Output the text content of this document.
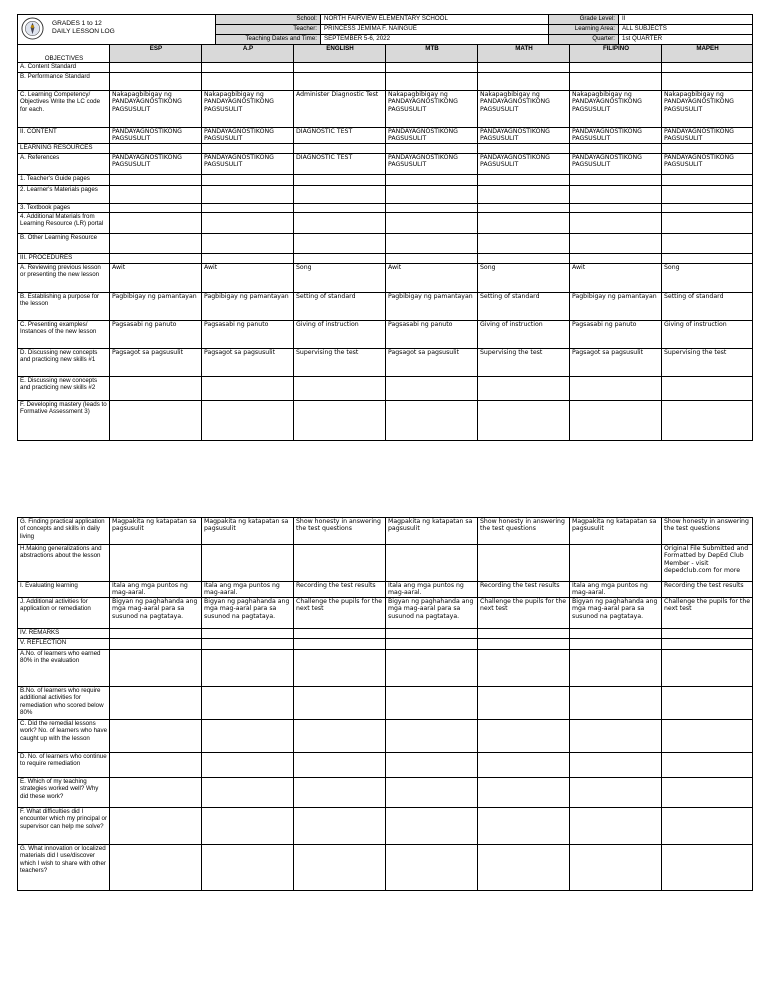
GRADES 1 to 12
DAILY LESSON LOG	School:	NORTH FAIRVIEW ELEMENTARY SCHOOL	Grade Level:	II
	Teacher:	PRINCESS JEMIMA F. NAINGUE	Learning Area:	ALL SUBJECTS
	Teaching Dates and Time:	SEPTEMBER 5-6, 2022	Quarter:	1st QUARTER
OBJECTIVES	ESP	A.P	ENGLISH	MTB	MATH	FILIPINO	MAPEH
A. Content Standard							
B. Performance Standard							
C. Learning Competency/ Objectives Write the LC code for each.	Nakapagbibigay ng PANDAYAGNOSTIKONG PAGSUSULIT	Nakapagbibigay ng PANDAYAGNOSTIKONG PAGSUSULIT	Administer Diagnostic Test	Nakapagbibigay ng PANDAYAGNOSTIKONG PAGSUSULIT	Nakapagbibigay ng PANDAYAGNOSTIKONG PAGSUSULIT	Nakapagbibigay ng PANDAYAGNOSTIKONG PAGSUSULIT	Nakapagbibigay ng PANDAYAGNOSTIKONG PAGSUSULIT
II. CONTENT	PANDAYAGNOSTIKONG PAGSUSULIT	PANDAYAGNOSTIKONG PAGSUSULIT	DIAGNOSTIC TEST	PANDAYAGNOSTIKONG PAGSUSULIT	PANDAYAGNOSTIKONG PAGSUSULIT	PANDAYAGNOSTIKONG PAGSUSULIT	PANDAYAGNOSTIKONG PAGSUSULIT
LEARNING RESOURCES							
A. References	PANDAYAGNOSTIKONG PAGSUSULIT	PANDAYAGNOSTIKONG PAGSUSULIT	DIAGNOSTIC TEST	PANDAYAGNOSTIKONG PAGSUSULIT	PANDAYAGNOSTIKONG PAGSUSULIT	PANDAYAGNOSTIKONG PAGSUSULIT	PANDAYAGNOSTIKONG PAGSUSULIT
1. Teacher's Guide pages							
2. Learner's Materials pages							
3. Textbook pages							
4. Additional Materials from Learning Resource (LR) portal							
B. Other Learning Resource							
III. PROCEDURES							
A. Reviewing previous lesson or presenting the new lesson	Awit	Awit	Song	Awit	Song	Awit	Song
B. Establishing a purpose for the lesson	Pagbibigay ng pamantayan	Pagbibigay ng pamantayan	Setting of standard	Pagbibigay ng pamantayan	Setting of standard	Pagbibigay ng pamantayan	Setting of standard
C. Presenting examples/ Instances of the new lesson	Pagsasabi ng panuto	Pagsasabi ng panuto	Giving of instruction	Pagsasabi ng panuto	Giving of instruction	Pagsasabi ng panuto	Giving of instruction
D. Discussing new concepts and practicing new skills #1	Pagsagot sa pagsusulit	Pagsagot sa pagsusulit	Supervising the test	Pagsagot sa pagsusulit	Supervising the test	Pagsagot sa pagsusulit	Supervising the test
E. Discussing new concepts and practicing new skills #2							
F. Developing mastery (leads to Formative Assessment 3)							
G. Finding practical application of concepts and skills in daily living	Magpakita ng katapatan sa pagsusulit	Magpakita ng katapatan sa pagsusulit	Show honesty in answering the test questions	Magpakita ng katapatan sa pagsusulit	Show honesty in answering the test questions	Magpakita ng katapatan sa pagsusulit	Show honesty in answering the test questions
H.Making generalizations and abstractions about the lesson							Original File Submitted and Formatted by DepEd Club Member - visit depedclub.com for more
I. Evaluating learning	Itala ang mga puntos ng mag-aaral.	Itala ang mga puntos ng mag-aaral.	Recording the test results	Itala ang mga puntos ng mag-aaral.	Recording the test results	Itala ang mga puntos ng mag-aaral.	Recording the test results
J. Additional activities for application or remediation	Bigyan ng paghahanda ang mga mag-aaral para sa susunod na pagtataya.	Bigyan ng paghahanda ang mga mag-aaral para sa susunod na pagtataya.	Challenge the pupils for the next test	Bigyan ng paghahanda ang mga mag-aaral para sa susunod na pagtataya.	Challenge the pupils for the next test	Bigyan ng paghahanda ang mga mag-aaral para sa susunod na pagtataya.	Challenge the pupils for the next test
IV. REMARKS							
V. REFLECTION							
A.No. of learners who earned 80% in the evaluation							
B.No. of learners who require additional activities for remediation who scored below 80%							
C. Did the remedial lessons work? No. of learners who have caught up with the lesson							
D. No. of learners who continue to require remediation							
E. Which of my teaching strategies worked well? Why did these work?							
F. What difficulties did I encounter which my principal or supervisor can help me solve?							
G. What innovation or localized materials did I use/discover which I wish to share with other teachers?							
